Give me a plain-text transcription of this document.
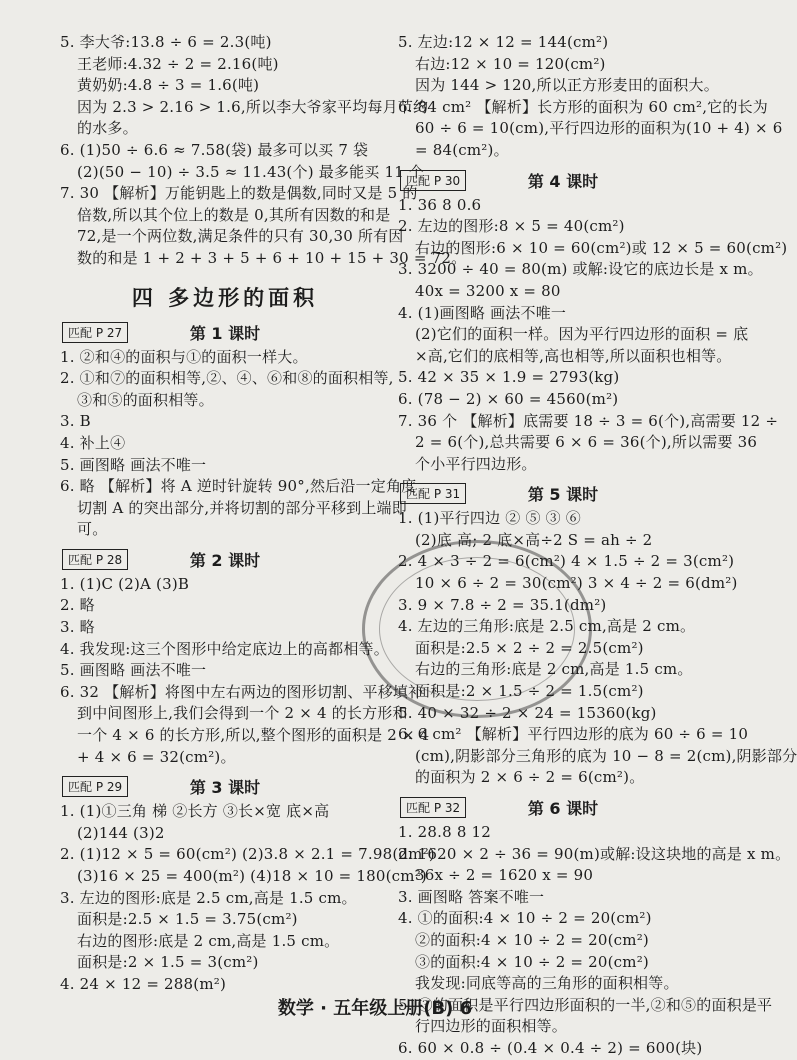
5. 李大爷:13.8 ÷ 6 = 2.3(吨)
王老师:4.32 ÷ 2 = 2.16(吨)
黄奶奶:4.8 ÷ 3 = 1.6(吨)
因为 2.3 > 2.16 > 1.6,所以李大爷家平均每月节约
的水多。
6. (1)50 ÷ 6.6 ≈ 7.58(袋) 最多可以买 7 袋
(2)(50 − 10) ÷ 3.5 ≈ 11.43(个) 最多能买 11 个
7. 30 【解析】万能钥匙上的数是偶数,同时又是 5 的
倍数,所以其个位上的数是 0,其所有因数的和是
72,是一个两位数,满足条件的只有 30,30 所有因
数的和是 1 + 2 + 3 + 5 + 6 + 10 + 15 + 30 = 72。
四 多边形的面积
第 1 课时
匹配 P 27
1. ②和④的面积与①的面积一样大。
2. ①和⑦的面积相等,②、④、⑥和⑧的面积相等,
③和⑤的面积相等。
3. B
4. 补上④
5. 画图略 画法不唯一
6. 略 【解析】将 A 逆时针旋转 90°,然后沿一定角度
切割 A 的突出部分,并将切割的部分平移到上端即
可。
第 2 课时
匹配 P 28
1. (1)C (2)A (3)B
2. 略
3. 略
4. 我发现:这三个图形中给定底边上的高都相等。
5. 画图略 画法不唯一
6. 32 【解析】将图中左右两边的图形切割、平移填补
到中间图形上,我们会得到一个 2 × 4 的长方形和
一个 4 × 6 的长方形,所以,整个图形的面积是 2 × 4
+ 4 × 6 = 32(cm²)。
第 3 课时
匹配 P 29
1. (1)①三角 梯 ②长方 ③长×宽 底×高
(2)144 (3)2
2. (1)12 × 5 = 60(cm²) (2)3.8 × 2.1 = 7.98(dm²)
(3)16 × 25 = 400(m²) (4)18 × 10 = 180(cm²)
3. 左边的图形:底是 2.5 cm,高是 1.5 cm。
面积是:2.5 × 1.5 = 3.75(cm²)
右边的图形:底是 2 cm,高是 1.5 cm。
面积是:2 × 1.5 = 3(cm²)
4. 24 × 12 = 288(m²)
5. 左边:12 × 12 = 144(cm²)
右边:12 × 10 = 120(cm²)
因为 144 > 120,所以正方形麦田的面积大。
6. 84 cm² 【解析】长方形的面积为 60 cm²,它的长为
60 ÷ 6 = 10(cm),平行四边形的面积为(10 + 4) × 6
= 84(cm²)。
第 4 课时
匹配 P 30
1. 36 8 0.6
2. 左边的图形:8 × 5 = 40(cm²)
右边的图形:6 × 10 = 60(cm²)或 12 × 5 = 60(cm²)
3. 3200 ÷ 40 = 80(m) 或解:设它的底边长是 x m。
40x = 3200 x = 80
4. (1)画图略 画法不唯一
(2)它们的面积一样。因为平行四边形的面积 = 底
×高,它们的底相等,高也相等,所以面积也相等。
5. 42 × 35 × 1.9 = 2793(kg)
6. (78 − 2) × 60 = 4560(m²)
7. 36 个 【解析】底需要 18 ÷ 3 = 6(个),高需要 12 ÷
2 = 6(个),总共需要 6 × 6 = 36(个),所以需要 36
个小平行四边形。
第 5 课时
匹配 P 31
1. (1)平行四边 ② ⑤ ③ ⑥
(2)底 高; 2 底×高÷2 S = ah ÷ 2
2. 4 × 3 ÷ 2 = 6(cm²) 4 × 1.5 ÷ 2 = 3(cm²)
10 × 6 ÷ 2 = 30(cm²) 3 × 4 ÷ 2 = 6(dm²)
3. 9 × 7.8 ÷ 2 = 35.1(dm²)
4. 左边的三角形:底是 2.5 cm,高是 2 cm。
面积是:2.5 × 2 ÷ 2 = 2.5(cm²)
右边的三角形:底是 2 cm,高是 1.5 cm。
面积是:2 × 1.5 ÷ 2 = 1.5(cm²)
5. 40 × 32 ÷ 2 × 24 = 15360(kg)
6. 6 cm² 【解析】平行四边形的底为 60 ÷ 6 = 10
(cm),阴影部分三角形的底为 10 − 8 = 2(cm),阴影部分
的面积为 2 × 6 ÷ 2 = 6(cm²)。
第 6 课时
匹配 P 32
1. 28.8 8 12
2. 1620 × 2 ÷ 36 = 90(m)或解:设这块地的高是 x m。
36x ÷ 2 = 1620 x = 90
3. 画图略 答案不唯一
4. ①的面积:4 × 10 ÷ 2 = 20(cm²)
②的面积:4 × 10 ÷ 2 = 20(cm²)
③的面积:4 × 10 ÷ 2 = 20(cm²)
我发现:同底等高的三角形的面积相等。
5. ③的面积是平行四边形面积的一半,②和⑤的面积是平
行四边形的面积相等。
6. 60 × 0.8 ÷ (0.4 × 0.4 ÷ 2) = 600(块)
数学 · 五年级上册(B) 6
